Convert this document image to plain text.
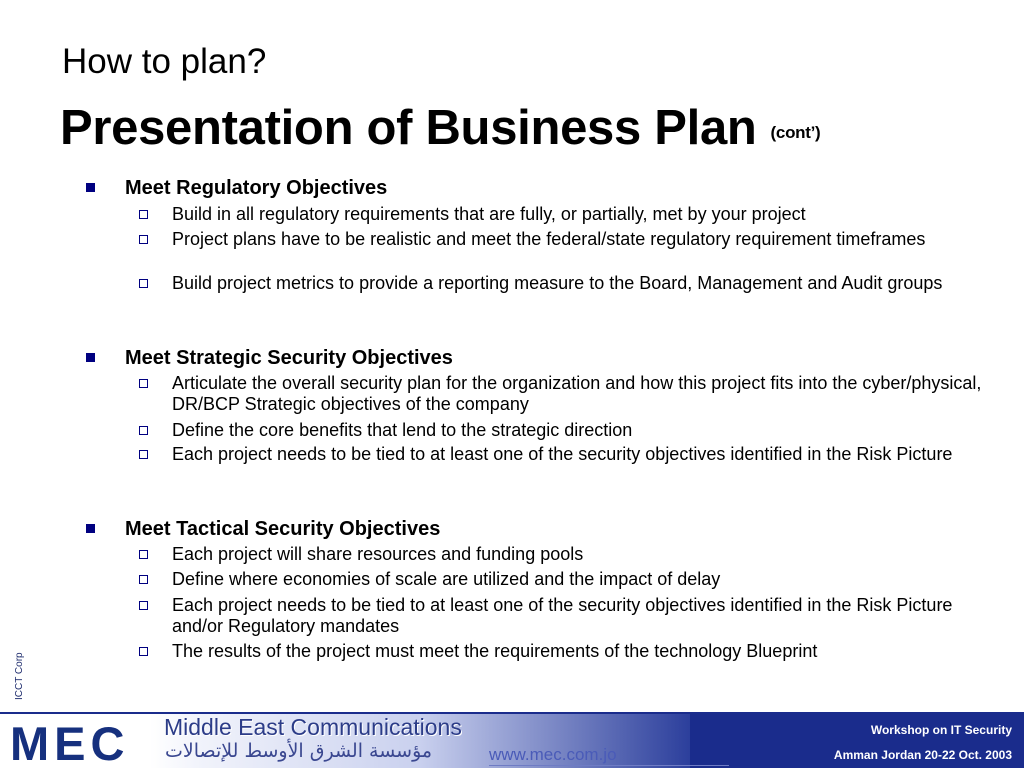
How to plan?
Presentation of Business Plan (cont’)
Meet Regulatory Objectives
Build in all regulatory requirements that are fully, or partially, met by your project
Project plans have to be realistic and meet the federal/state regulatory requirement timeframes
Build project metrics to provide a reporting measure to the Board, Management and Audit groups
Meet Strategic Security Objectives
Articulate the overall security plan for the organization and how this project fits into the cyber/physical, DR/BCP Strategic objectives of the company
Define the core benefits that lend to the strategic direction
Each project needs to be tied to at least one of the security objectives identified in the Risk Picture
Meet Tactical Security Objectives
Each project will share resources and funding pools
Define where economies of scale are utilized and the impact of delay
Each project needs to be tied to at least one of the security objectives identified in the Risk Picture and/or Regulatory mandates
The results of the project must meet the requirements of the technology Blueprint
ICCT Corp
MEC Middle East Communications
مؤسسة الشرق الأوسط للإتصالات	www.mec.com.jo
Workshop on IT Security
Amman Jordan 20-22 Oct. 2003
